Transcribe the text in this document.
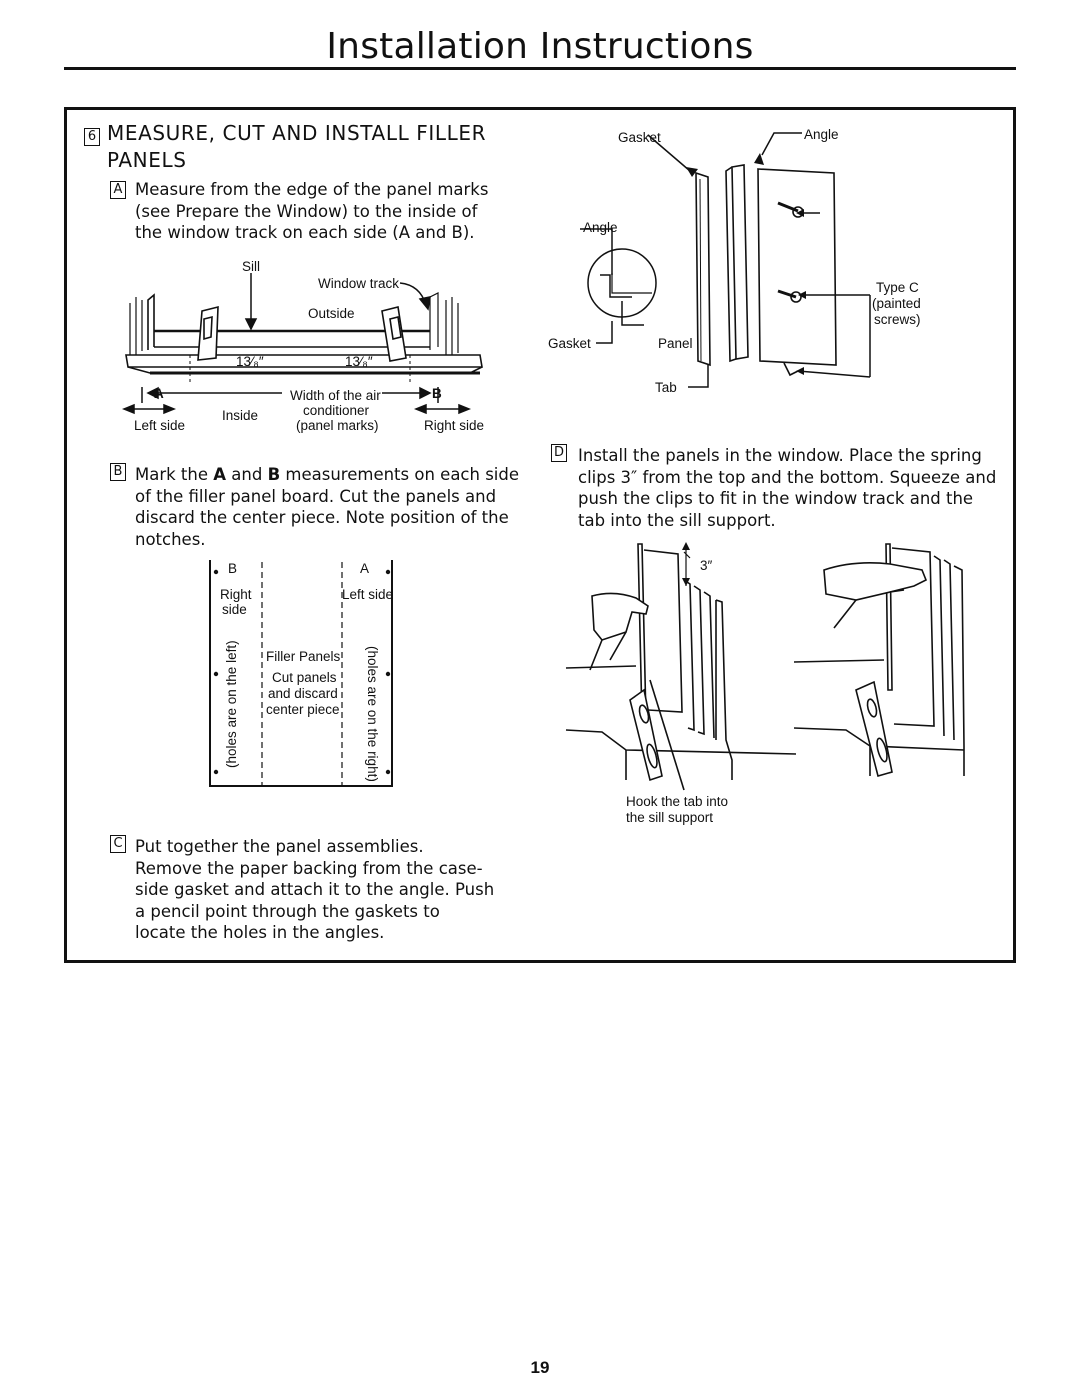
Installation Instructions
6 MEASURE, CUT AND INSTALL FILLER PANELS
A Measure from the edge of the panel marks (see Prepare the Window) to the inside of the window track on each side (A and B).
Sill
Window track
Outside
13⁄₈″	13⁄₈″
A	B
Width of the air
conditioner
(panel marks)
Inside
Left side	Right side
B Mark the A and B measurements on each side of the filler panel board. Cut the panels and discard the center piece. Note position of the notches.
B	A
Right
side
Left side
Filler Panels
Cut panels
and discard
center piece
(holes are on the left)	(holes are on the right)
C Put together the panel assemblies. Remove the paper backing from the case-side gasket and attach it to the angle. Push a pencil point through the gaskets to locate the holes in the angles.
Gasket	Angle
Angle
Type C
(painted
screws)
Gasket	Panel
Tab
D Install the panels in the window. Place the spring clips 3″ from the top and the bottom. Squeeze and push the clips to fit in the window track and the tab into the sill support.
3″
Hook the tab into
the sill support
19
